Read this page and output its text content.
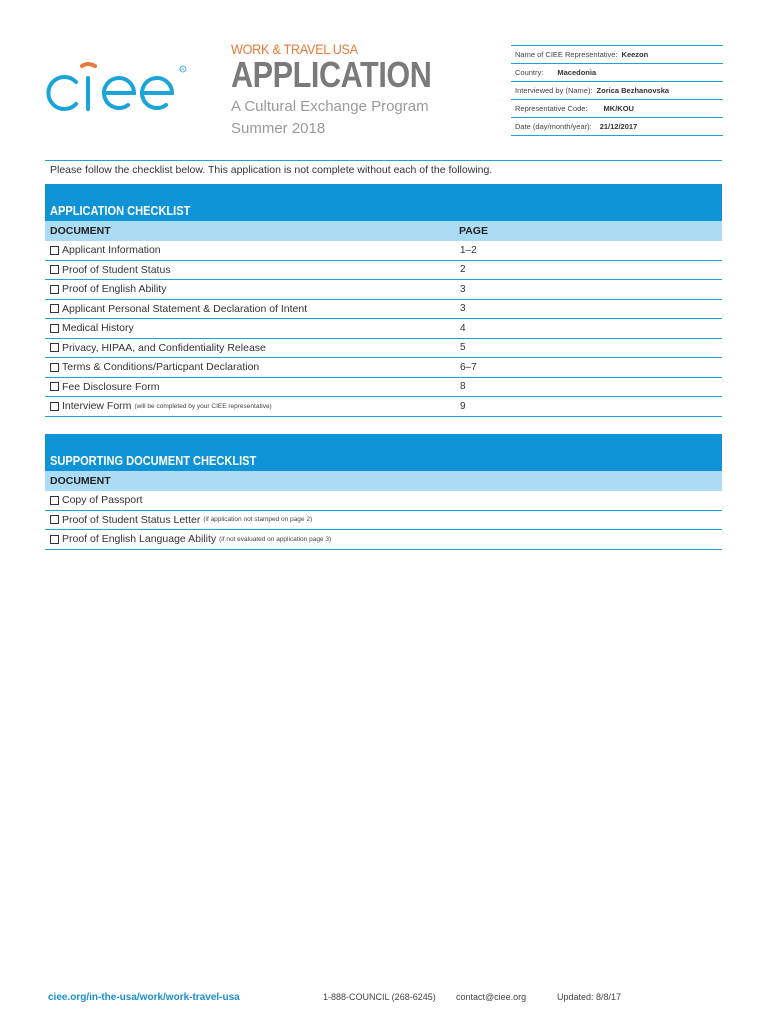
R
WORK & TRAVEL USA
APPLICATION
A Cultural Exchange Program
Summer 2018
Name of CIEE Representative: Keezon
Country: Macedonia
Interviewed by (Name): Zorica Bezhanovska
Representative Code: MK/KOU
Date (day/month/year): 21/12/2017
Please follow the checklist below. This application is not complete without each of the following.
APPLICATION CHECKLIST
DOCUMENT	PAGE
Applicant Information	1–2
Proof of Student Status	2
Proof of English Ability	3
Applicant Personal Statement & Declaration of Intent	3
Medical History	4
Privacy, HIPAA, and Confidentiality Release	5
Terms & Conditions/Particpant Declaration	6–7
Fee Disclosure Form	8
Interview Form (will be completed by your CIEE representative)	9
SUPPORTING DOCUMENT CHECKLIST
DOCUMENT
Copy of Passport
Proof of Student Status Letter (if application not stamped on page 2)
Proof of English Language Ability (if not evaluated on application page 3)
ciee.org/in-the-usa/work/work-travel-usa	1-888-COUNCIL (268-6245) contact@ciee.org	Updated: 8/8/17
